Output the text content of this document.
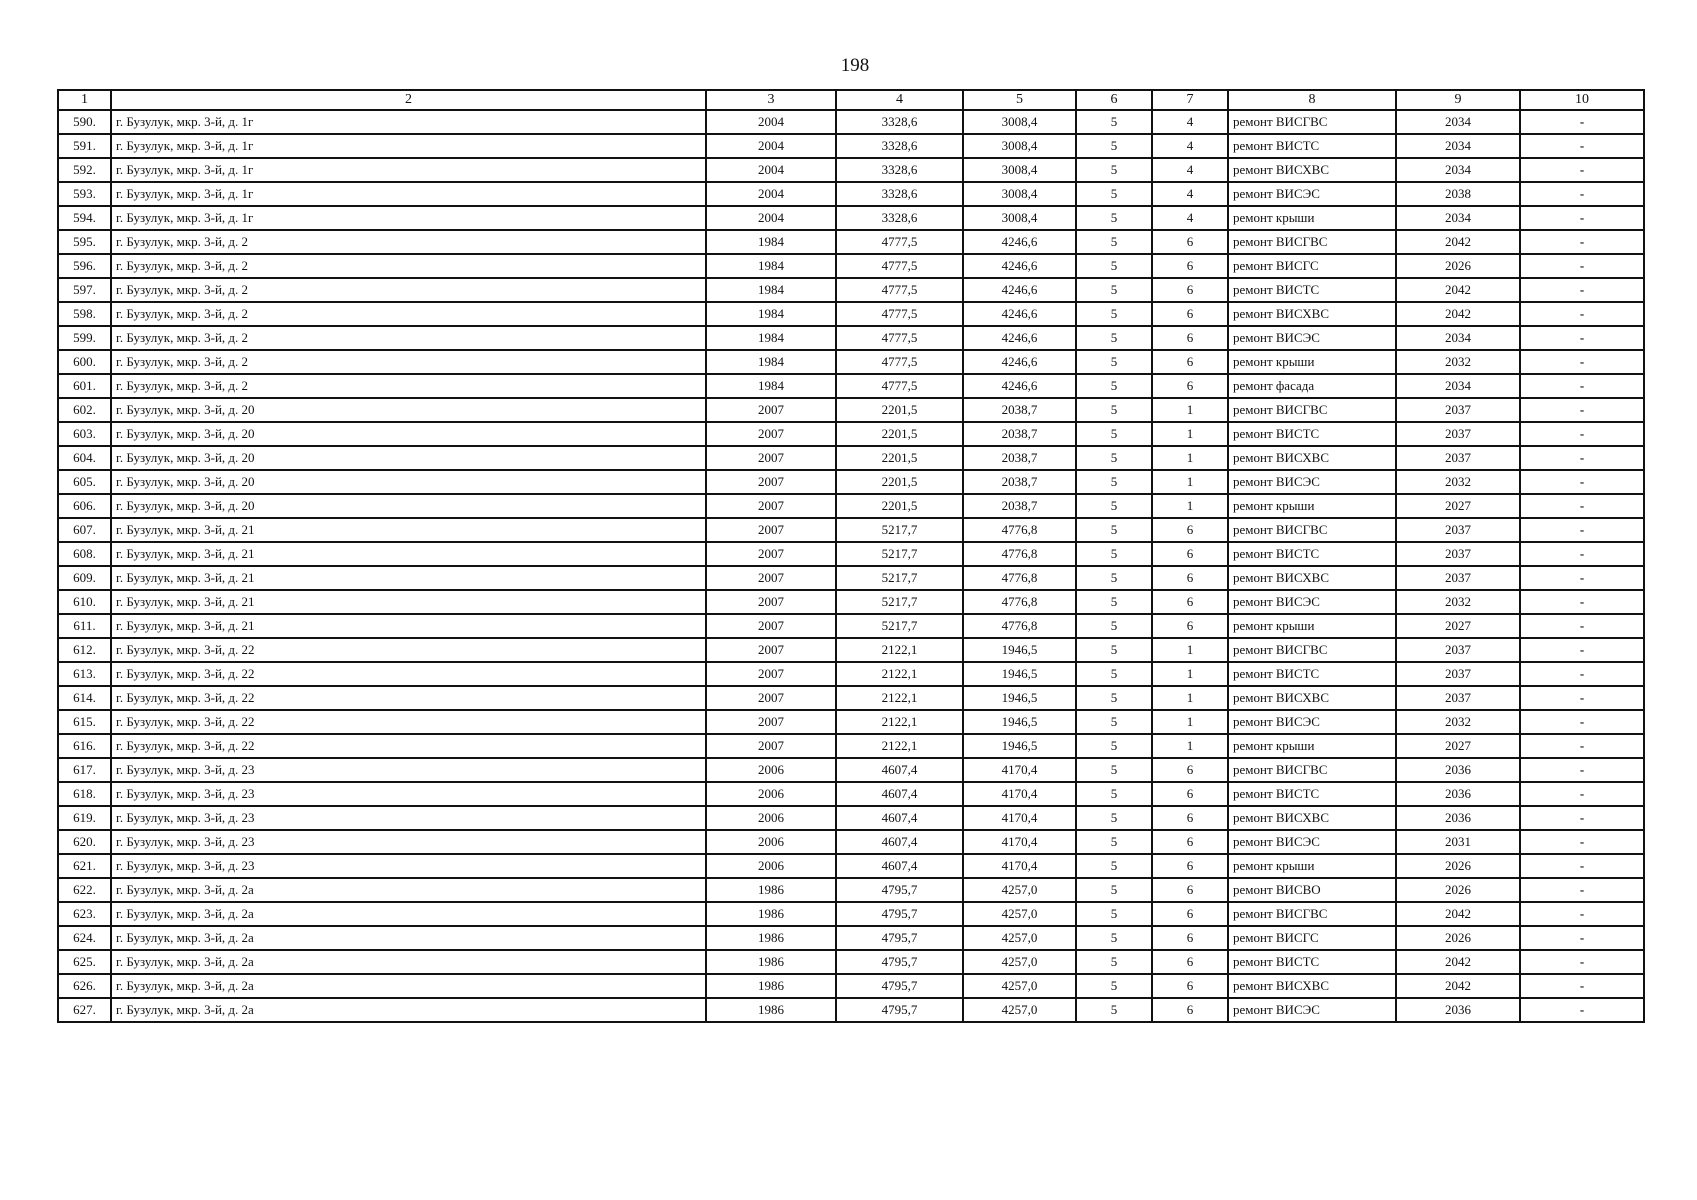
198
1	2	3	4	5	6	7	8	9	10
590.	г. Бузулук, мкр. 3-й, д. 1г	2004	3328,6	3008,4	5	4	ремонт ВИСГВС	2034	-
591.	г. Бузулук, мкр. 3-й, д. 1г	2004	3328,6	3008,4	5	4	ремонт ВИСТС	2034	-
592.	г. Бузулук, мкр. 3-й, д. 1г	2004	3328,6	3008,4	5	4	ремонт ВИСХВС	2034	-
593.	г. Бузулук, мкр. 3-й, д. 1г	2004	3328,6	3008,4	5	4	ремонт ВИСЭС	2038	-
594.	г. Бузулук, мкр. 3-й, д. 1г	2004	3328,6	3008,4	5	4	ремонт крыши	2034	-
595.	г. Бузулук, мкр. 3-й, д. 2	1984	4777,5	4246,6	5	6	ремонт ВИСГВС	2042	-
596.	г. Бузулук, мкр. 3-й, д. 2	1984	4777,5	4246,6	5	6	ремонт ВИСГС	2026	-
597.	г. Бузулук, мкр. 3-й, д. 2	1984	4777,5	4246,6	5	6	ремонт ВИСТС	2042	-
598.	г. Бузулук, мкр. 3-й, д. 2	1984	4777,5	4246,6	5	6	ремонт ВИСХВС	2042	-
599.	г. Бузулук, мкр. 3-й, д. 2	1984	4777,5	4246,6	5	6	ремонт ВИСЭС	2034	-
600.	г. Бузулук, мкр. 3-й, д. 2	1984	4777,5	4246,6	5	6	ремонт крыши	2032	-
601.	г. Бузулук, мкр. 3-й, д. 2	1984	4777,5	4246,6	5	6	ремонт фасада	2034	-
602.	г. Бузулук, мкр. 3-й, д. 20	2007	2201,5	2038,7	5	1	ремонт ВИСГВС	2037	-
603.	г. Бузулук, мкр. 3-й, д. 20	2007	2201,5	2038,7	5	1	ремонт ВИСТС	2037	-
604.	г. Бузулук, мкр. 3-й, д. 20	2007	2201,5	2038,7	5	1	ремонт ВИСХВС	2037	-
605.	г. Бузулук, мкр. 3-й, д. 20	2007	2201,5	2038,7	5	1	ремонт ВИСЭС	2032	-
606.	г. Бузулук, мкр. 3-й, д. 20	2007	2201,5	2038,7	5	1	ремонт крыши	2027	-
607.	г. Бузулук, мкр. 3-й, д. 21	2007	5217,7	4776,8	5	6	ремонт ВИСГВС	2037	-
608.	г. Бузулук, мкр. 3-й, д. 21	2007	5217,7	4776,8	5	6	ремонт ВИСТС	2037	-
609.	г. Бузулук, мкр. 3-й, д. 21	2007	5217,7	4776,8	5	6	ремонт ВИСХВС	2037	-
610.	г. Бузулук, мкр. 3-й, д. 21	2007	5217,7	4776,8	5	6	ремонт ВИСЭС	2032	-
611.	г. Бузулук, мкр. 3-й, д. 21	2007	5217,7	4776,8	5	6	ремонт крыши	2027	-
612.	г. Бузулук, мкр. 3-й, д. 22	2007	2122,1	1946,5	5	1	ремонт ВИСГВС	2037	-
613.	г. Бузулук, мкр. 3-й, д. 22	2007	2122,1	1946,5	5	1	ремонт ВИСТС	2037	-
614.	г. Бузулук, мкр. 3-й, д. 22	2007	2122,1	1946,5	5	1	ремонт ВИСХВС	2037	-
615.	г. Бузулук, мкр. 3-й, д. 22	2007	2122,1	1946,5	5	1	ремонт ВИСЭС	2032	-
616.	г. Бузулук, мкр. 3-й, д. 22	2007	2122,1	1946,5	5	1	ремонт крыши	2027	-
617.	г. Бузулук, мкр. 3-й, д. 23	2006	4607,4	4170,4	5	6	ремонт ВИСГВС	2036	-
618.	г. Бузулук, мкр. 3-й, д. 23	2006	4607,4	4170,4	5	6	ремонт ВИСТС	2036	-
619.	г. Бузулук, мкр. 3-й, д. 23	2006	4607,4	4170,4	5	6	ремонт ВИСХВС	2036	-
620.	г. Бузулук, мкр. 3-й, д. 23	2006	4607,4	4170,4	5	6	ремонт ВИСЭС	2031	-
621.	г. Бузулук, мкр. 3-й, д. 23	2006	4607,4	4170,4	5	6	ремонт крыши	2026	-
622.	г. Бузулук, мкр. 3-й, д. 2а	1986	4795,7	4257,0	5	6	ремонт ВИСВО	2026	-
623.	г. Бузулук, мкр. 3-й, д. 2а	1986	4795,7	4257,0	5	6	ремонт ВИСГВС	2042	-
624.	г. Бузулук, мкр. 3-й, д. 2а	1986	4795,7	4257,0	5	6	ремонт ВИСГС	2026	-
625.	г. Бузулук, мкр. 3-й, д. 2а	1986	4795,7	4257,0	5	6	ремонт ВИСТС	2042	-
626.	г. Бузулук, мкр. 3-й, д. 2а	1986	4795,7	4257,0	5	6	ремонт ВИСХВС	2042	-
627.	г. Бузулук, мкр. 3-й, д. 2а	1986	4795,7	4257,0	5	6	ремонт ВИСЭС	2036	-
